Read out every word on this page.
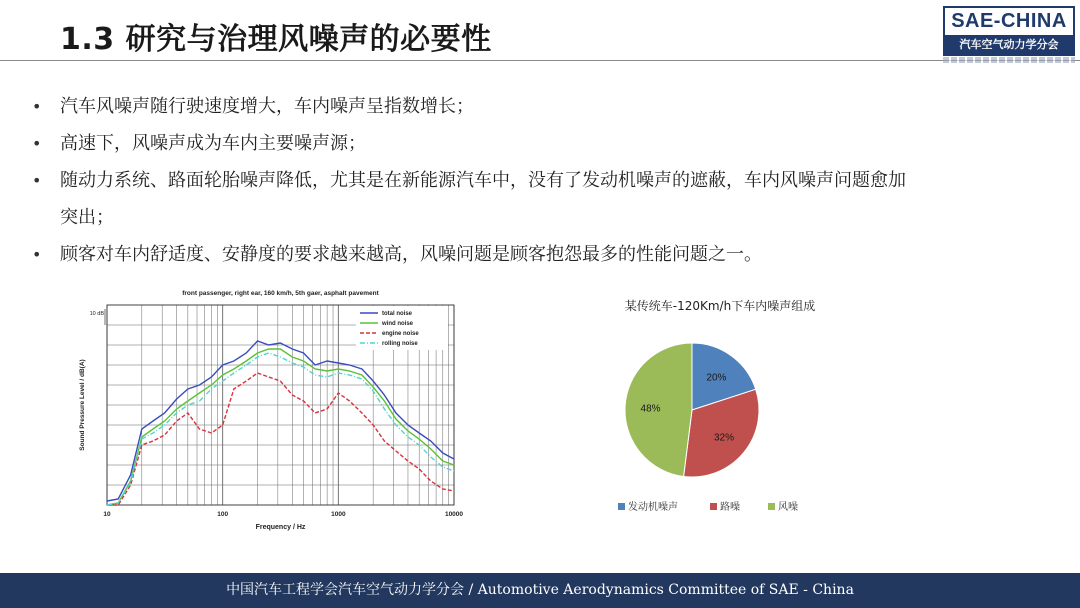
1.3 研究与治理风噪声的必要性
SAE-CHINA
汽车空气动力学分会
• 汽车风噪声随行驶速度增大，车内噪声呈指数增长；
• 高速下，风噪声成为车内主要噪声源；
• 随动力系统、路面轮胎噪声降低，尤其是在新能源汽车中，没有了发动机噪声的遮蔽，车内风噪声问题愈加突出；
• 顾客对车内舒适度、安静度的要求越来越高，风噪问题是顾客抱怨最多的性能问题之一。
front passenger, right ear, 160 km/h, 5th gaer, asphalt pavement
10 dB
10	100	1000	10000
Frequency / Hz
Sound Pressure Level / dB(A)
total noise
wind noise
engine noise
rolling noise
某传统车-120Km/h下车内噪声组成
20%
32%
48%
发动机噪声	路噪	风噪
中国汽车工程学会汽车空气动力学分会 / Automotive Aerodynamics Committee of SAE - China
